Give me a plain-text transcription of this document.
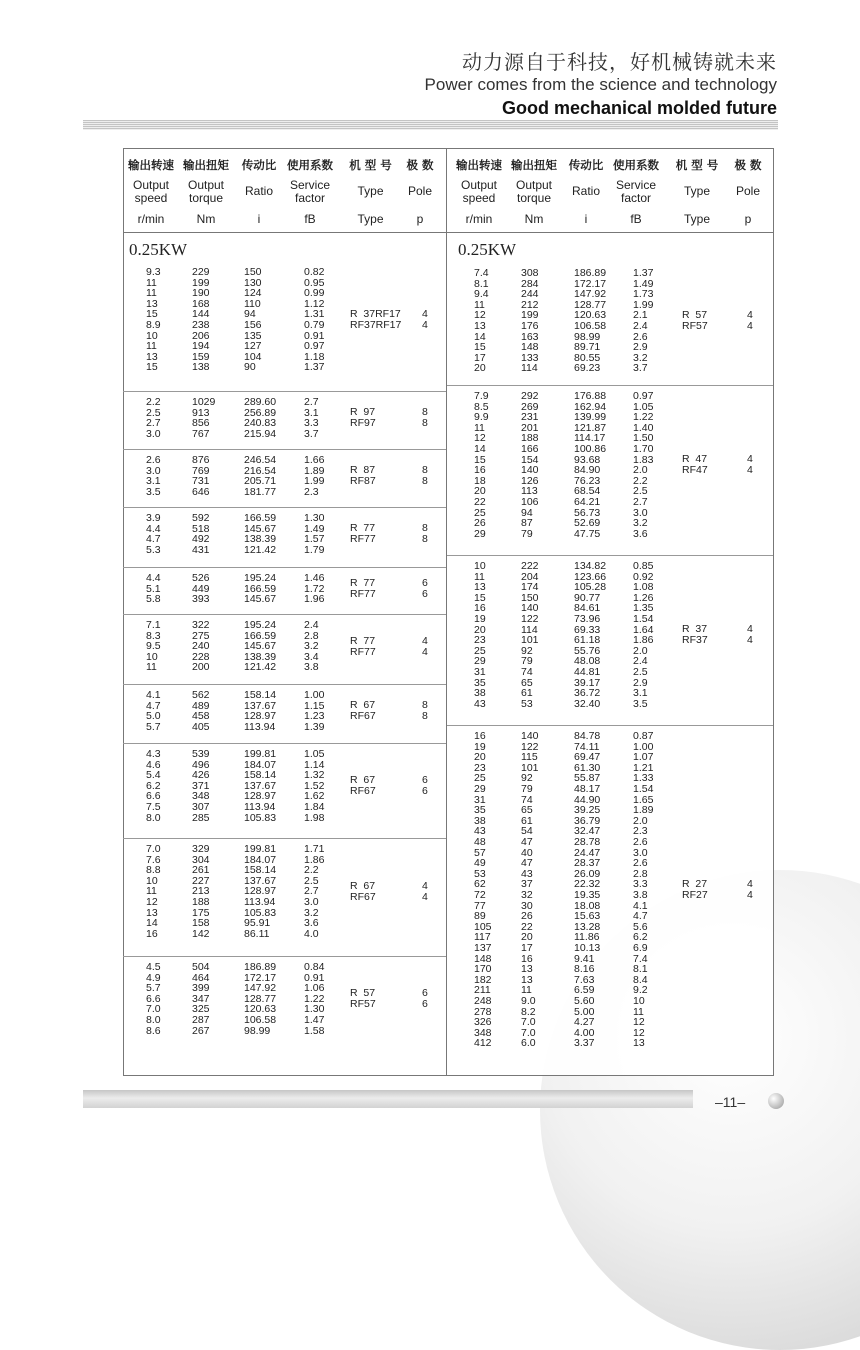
动力源自于科技，好机械铸就未来
Power comes from the science and technology
Good mechanical molded future
输出转速
Output speed
r/min
输出扭矩
Output torque
Nm
传动比
Ratio
i
使用系数
Service factor
fB
机 型 号
Type
Type
极 数
Pole
p
输出转速
Output speed
r/min
输出扭矩
Output torque
Nm
传动比
Ratio
i
使用系数
Service factor
fB
机 型 号
Type
Type
极 数
Pole
p
0.25KW
9.3
11
11
13
15
8.9
10
11
13
15
229
199
190
168
144
238
206
194
159
138
150
130
124
110
94
156
135
127
104
90
0.82
0.95
0.99
1.12
1.31
0.79
0.91
0.97
1.18
1.37
R  37RF17
RF37RF17
4
4
2.2
2.5
2.7
3.0
1029
913
856
767
289.60
256.89
240.83
215.94
2.7
3.1
3.3
3.7
R  97
RF97
8
8
2.6
3.0
3.1
3.5
876
769
731
646
246.54
216.54
205.71
181.77
1.66
1.89
1.99
2.3
R  87
RF87
8
8
3.9
4.4
4.7
5.3
592
518
492
431
166.59
145.67
138.39
121.42
1.30
1.49
1.57
1.79
R  77
RF77
8
8
4.4
5.1
5.8
526
449
393
195.24
166.59
145.67
1.46
1.72
1.96
R  77
RF77
6
6
7.1
8.3
9.5
10
11
322
275
240
228
200
195.24
166.59
145.67
138.39
121.42
2.4
2.8
3.2
3.4
3.8
R  77
RF77
4
4
4.1
4.7
5.0
5.7
562
489
458
405
158.14
137.67
128.97
113.94
1.00
1.15
1.23
1.39
R  67
RF67
8
8
4.3
4.6
5.4
6.2
6.6
7.5
8.0
539
496
426
371
348
307
285
199.81
184.07
158.14
137.67
128.97
113.94
105.83
1.05
1.14
1.32
1.52
1.62
1.84
1.98
R  67
RF67
6
6
7.0
7.6
8.8
10
11
12
13
14
16
329
304
261
227
213
188
175
158
142
199.81
184.07
158.14
137.67
128.97
113.94
105.83
95.91
86.11
1.71
1.86
2.2
2.5
2.7
3.0
3.2
3.6
4.0
R  67
RF67
4
4
4.5
4.9
5.7
6.6
7.0
8.0
8.6
504
464
399
347
325
287
267
186.89
172.17
147.92
128.77
120.63
106.58
98.99
0.84
0.91
1.06
1.22
1.30
1.47
1.58
R  57
RF57
6
6
0.25KW
7.4
8.1
9.4
11
12
13
14
15
17
20
308
284
244
212
199
176
163
148
133
114
186.89
172.17
147.92
128.77
120.63
106.58
98.99
89.71
80.55
69.23
1.37
1.49
1.73
1.99
2.1
2.4
2.6
2.9
3.2
3.7
R  57
RF57
4
4
7.9
8.5
9.9
11
12
14
15
16
18
20
22
25
26
29
292
269
231
201
188
166
154
140
126
113
106
94
87
79
176.88
162.94
139.99
121.87
114.17
100.86
93.68
84.90
76.23
68.54
64.21
56.73
52.69
47.75
0.97
1.05
1.22
1.40
1.50
1.70
1.83
2.0
2.2
2.5
2.7
3.0
3.2
3.6
R  47
RF47
4
4
10
11
13
15
16
19
20
23
25
29
31
35
38
43
222
204
174
150
140
122
114
101
92
79
74
65
61
53
134.82
123.66
105.28
90.77
84.61
73.96
69.33
61.18
55.76
48.08
44.81
39.17
36.72
32.40
0.85
0.92
1.08
1.26
1.35
1.54
1.64
1.86
2.0
2.4
2.5
2.9
3.1
3.5
R  37
RF37
4
4
16
19
20
23
25
29
31
35
38
43
48
57
49
53
62
72
77
89
105
117
137
148
170
182
211
248
278
326
348
412
140
122
115
101
92
79
74
65
61
54
47
40
47
43
37
32
30
26
22
20
17
16
13
13
11
9.0
8.2
7.0
7.0
6.0
84.78
74.11
69.47
61.30
55.87
48.17
44.90
39.25
36.79
32.47
28.78
24.47
28.37
26.09
22.32
19.35
18.08
15.63
13.28
11.86
10.13
9.41
8.16
7.63
6.59
5.60
5.00
4.27
4.00
3.37
0.87
1.00
1.07
1.21
1.33
1.54
1.65
1.89
2.0
2.3
2.6
3.0
2.6
2.8
3.3
3.8
4.1
4.7
5.6
6.2
6.9
7.4
8.1
8.4
9.2
10
11
12
12
13
R  27
RF27
4
4
–11–
